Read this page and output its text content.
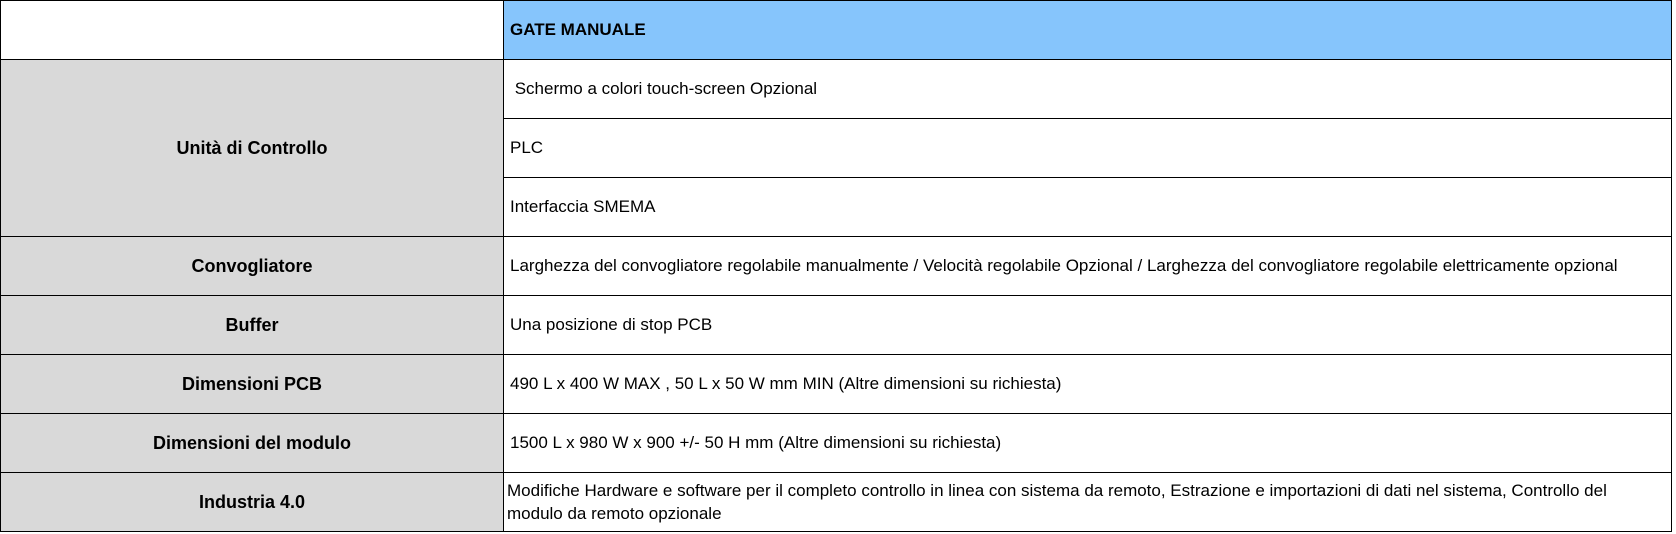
	GATE MANUALE
Unità di Controllo	Schermo a colori touch-screen Opzional
	PLC
	Interfaccia SMEMA
Convogliatore	Larghezza del convogliatore regolabile manualmente / Velocità regolabile Opzional / Larghezza del convogliatore regolabile elettricamente opzional
Buffer	Una posizione di stop PCB
Dimensioni PCB	490 L x 400 W MAX , 50 L x 50 W mm MIN (Altre dimensioni su richiesta)
Dimensioni del modulo	1500 L x 980 W x 900 +/- 50 H mm (Altre dimensioni su richiesta)
Industria 4.0	Modifiche Hardware e software per il completo controllo in linea con sistema da remoto, Estrazione e importazioni di dati nel sistema, Controllo del modulo da remoto opzionale
